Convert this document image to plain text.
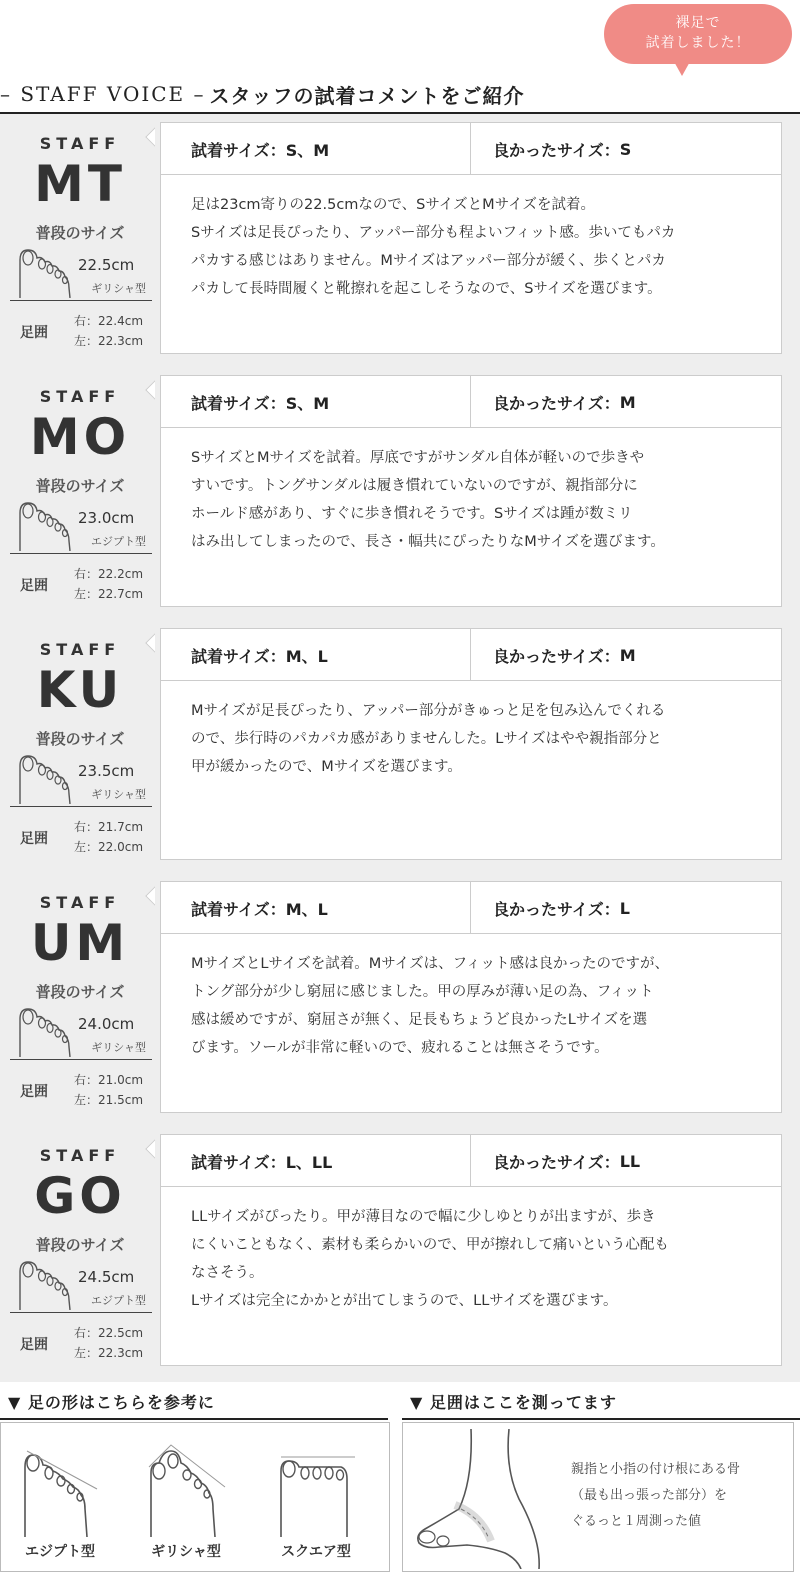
裸足で
試着しました！
– STAFF VOICE – スタッフの試着コメントをご紹介
STAFF
MT
普段のサイズ
22.5cm
ギリシャ型
足囲
右：22.4cm
左：22.3cm
試着サイズ： S、M	良かったサイズ： S
足は23cm寄りの22.5cmなので、SサイズとMサイズを試着。
Sサイズは足長ぴったり、アッパー部分も程よいフィット感。歩いてもパカ
パカする感じはありません。Mサイズはアッパー部分が緩く、歩くとパカ
パカして長時間履くと靴擦れを起こしそうなので、Sサイズを選びます。
STAFF
MO
普段のサイズ
23.0cm
エジプト型
足囲
右：22.2cm
左：22.7cm
試着サイズ： S、M	良かったサイズ： M
SサイズとMサイズを試着。厚底ですがサンダル自体が軽いので歩きや
すいです。トングサンダルは履き慣れていないのですが、親指部分に
ホールド感があり、すぐに歩き慣れそうです。Sサイズは踵が数ミリ
はみ出してしまったので、長さ・幅共にぴったりなMサイズを選びます。
STAFF
KU
普段のサイズ
23.5cm
ギリシャ型
足囲
右：21.7cm
左：22.0cm
試着サイズ： M、L	良かったサイズ： M
Mサイズが足長ぴったり、アッパー部分がきゅっと足を包み込んでくれる
ので、歩行時のパカパカ感がありませんした。Lサイズはやや親指部分と
甲が緩かったので、Mサイズを選びます。
STAFF
UM
普段のサイズ
24.0cm
ギリシャ型
足囲
右：21.0cm
左：21.5cm
試着サイズ： M、L	良かったサイズ： L
MサイズとLサイズを試着。Mサイズは、フィット感は良かったのですが、
トング部分が少し窮屈に感じました。甲の厚みが薄い足の為、フィット
感は緩めですが、窮屈さが無く、足長もちょうど良かったLサイズを選
びます。ソールが非常に軽いので、疲れることは無さそうです。
STAFF
GO
普段のサイズ
24.5cm
エジプト型
足囲
右：22.5cm
左：22.3cm
試着サイズ： L、LL	良かったサイズ： LL
LLサイズがぴったり。甲が薄目なので幅に少しゆとりが出ますが、歩き
にくいこともなく、素材も柔らかいので、甲が擦れして痛いという心配も
なさそう。
Lサイズは完全にかかとが出てしまうので、LLサイズを選びます。
▼ 足の形はこちらを参考に
エジプト型	ギリシャ型	スクエア型
▼ 足囲はここを測ってます
親指と小指の付け根にある骨
（最も出っ張った部分）を
ぐるっと１周測った値
